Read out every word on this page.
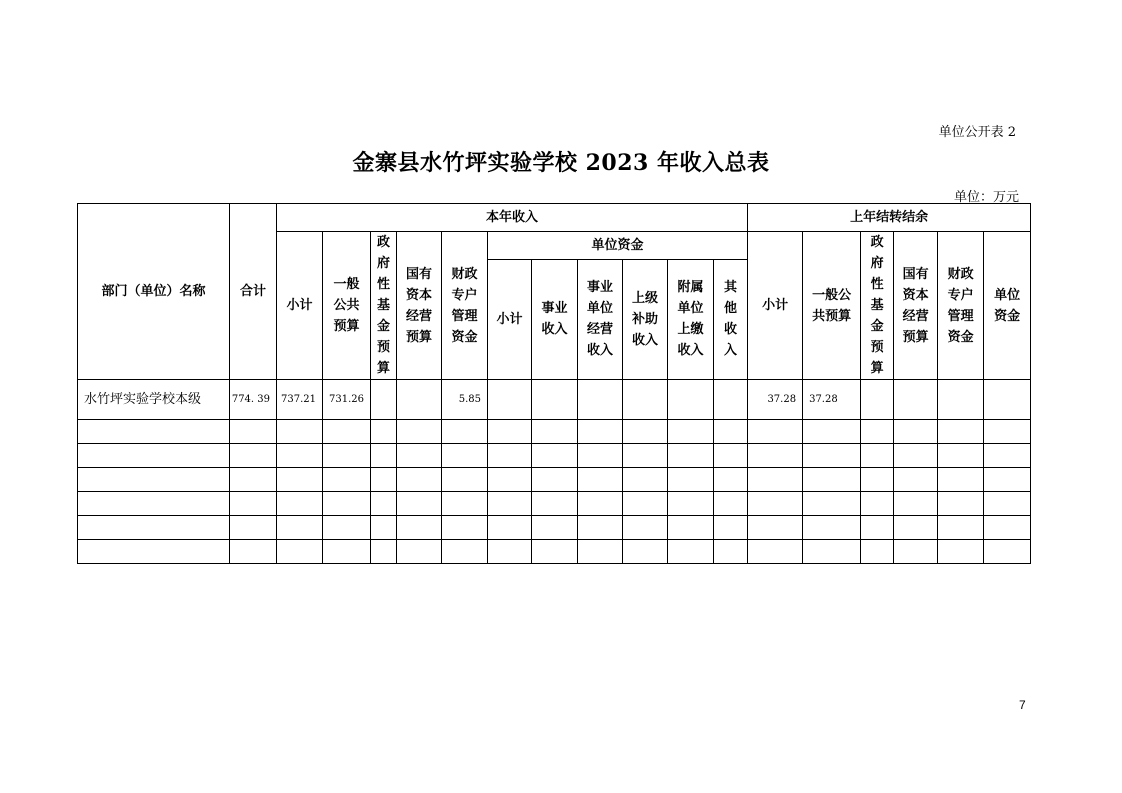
单位公开表 2
金寨县水竹坪实验学校 2023 年收入总表
单位：万元
部门（单位）名称	合计	本年收入											上年结转结余					
		小计	一般公共预算	政府性基金预算	国有资本经营预算	财政专户管理资金	单位资金						小计	一般公共预算	政府性基金预算	国有资本经营预算	财政专户管理资金	单位资金
							小计	事业收入	事业单位经营收入	上级补助收入	附属单位上缴收入	其他收入						
水竹坪实验学校本级	774. 39	737.21	731.26			5.85							37.28	37.28				

7
